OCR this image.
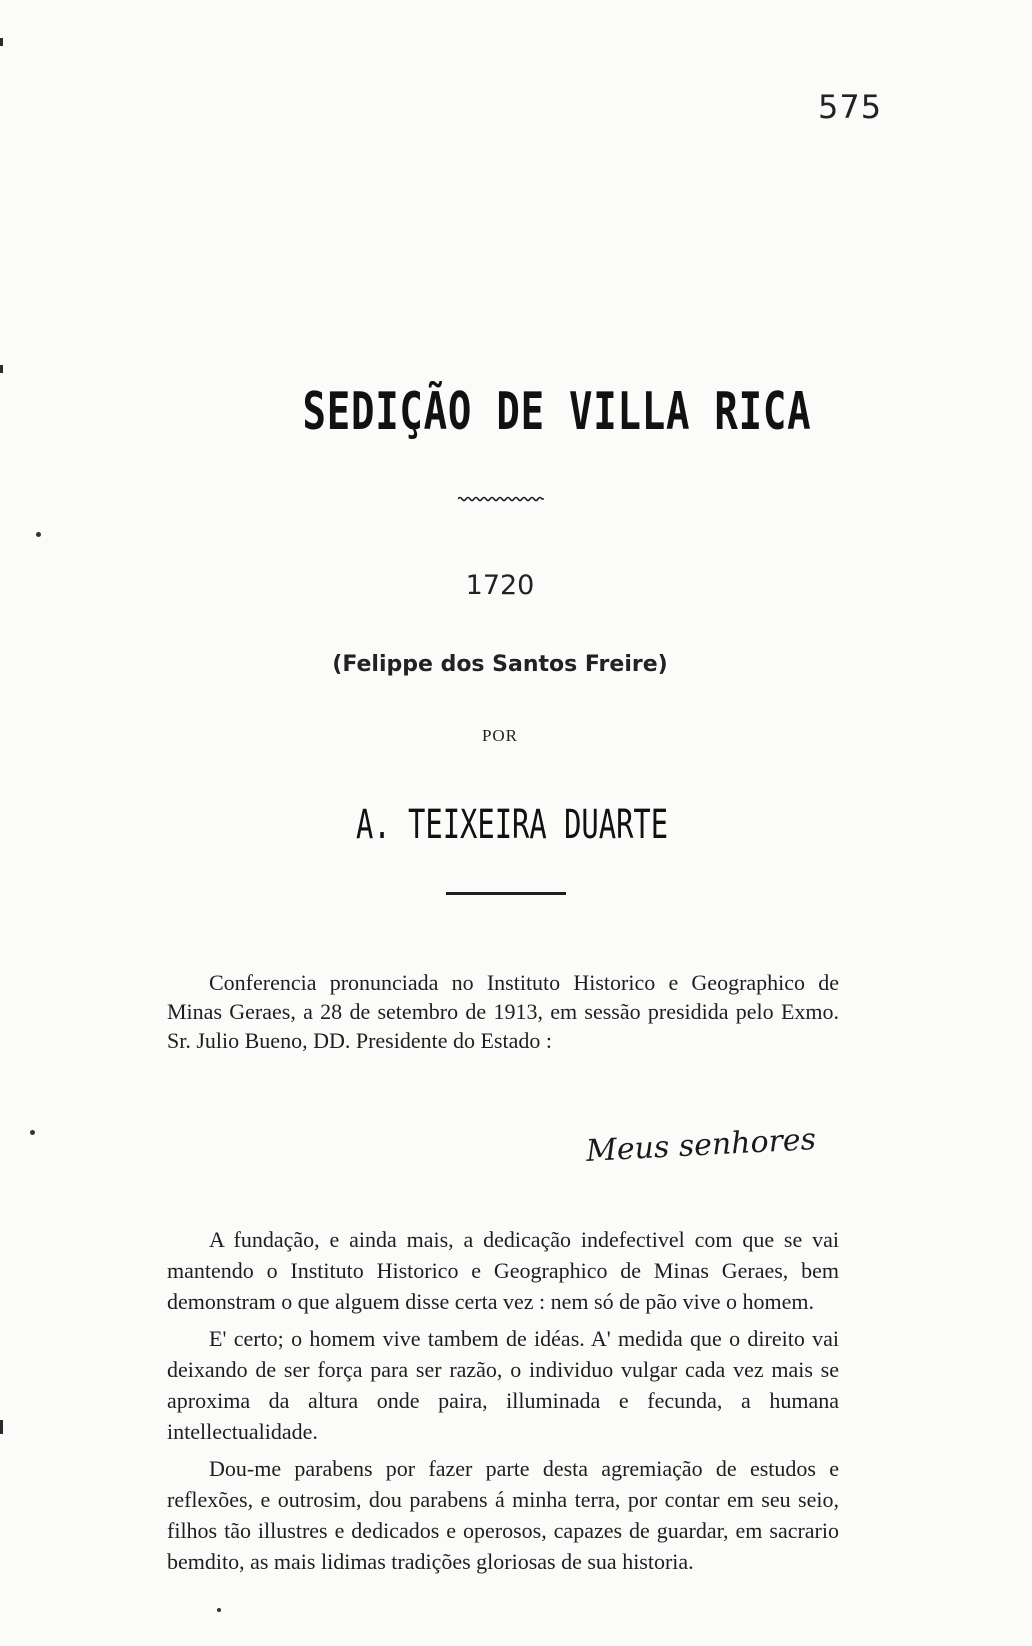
575
SEDIÇÃO DE VILLA RICA
1720
(Felippe dos Santos Freire)
POR
A. TEIXEIRA DUARTE

Conferencia pronunciada no Instituto Historico e Geographico de Minas Geraes, a 28 de setembro de 1913, em sessão presidida pelo Exmo. Sr. Julio Bueno, DD. Presidente do Estado :

Meus senhores

A fundação, e ainda mais, a dedicação indefectivel com que se vai mantendo o Instituto Historico e Geographico de Minas Geraes, bem demonstram o que alguem disse certa vez : nem só de pão vive o homem.

E' certo; o homem vive tambem de idéas. A' medida que o direito vai deixando de ser força para ser razão, o individuo vulgar cada vez mais se aproxima da altura onde paira, illuminada e fecunda, a humana intellectualidade.

Dou-me parabens por fazer parte desta agremiação de estudos e reflexões, e outrosim, dou parabens á minha terra, por contar em seu seio, filhos tão illustres e dedicados e operosos, capazes de guardar, em sacrario bemdito, as mais lidimas tradições gloriosas de sua historia.
